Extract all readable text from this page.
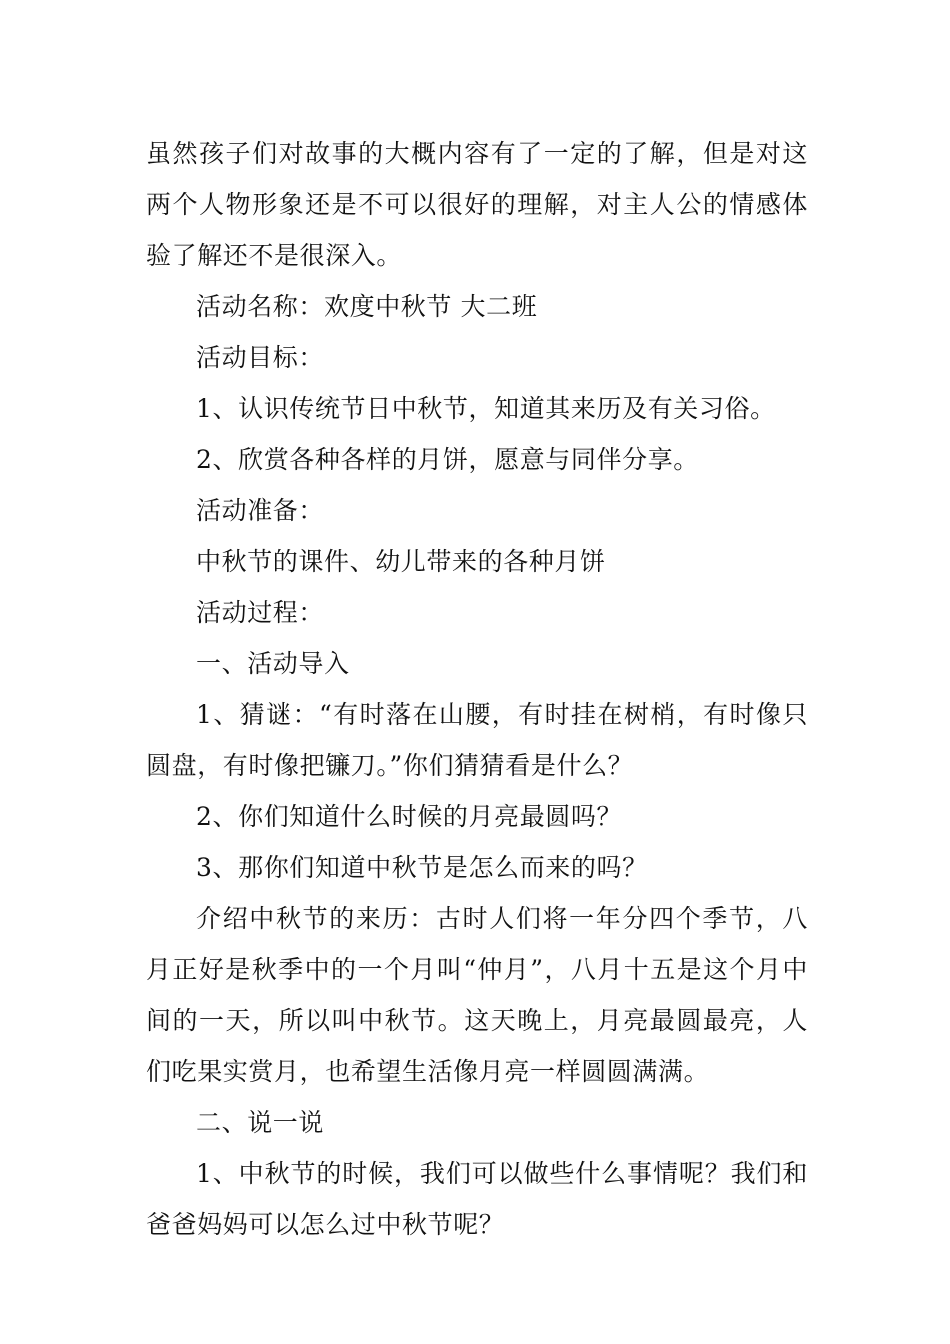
虽然孩子们对故事的大概内容有了一定的了解，但是对这两个人物形象还是不可以很好的理解，对主人公的情感体验了解还不是很深入。

活动名称：欢度中秋节 大二班

活动目标：

1、认识传统节日中秋节，知道其来历及有关习俗。

2、欣赏各种各样的月饼，愿意与同伴分享。

活动准备：

中秋节的课件、幼儿带来的各种月饼

活动过程：

一、活动导入

1、猜谜：“有时落在山腰，有时挂在树梢，有时像只圆盘，有时像把镰刀。”你们猜猜看是什么？

2、你们知道什么时候的月亮最圆吗？

3、那你们知道中秋节是怎么而来的吗？

介绍中秋节的来历：古时人们将一年分四个季节，八月正好是秋季中的一个月叫“仲月”，八月十五是这个月中间的一天，所以叫中秋节。这天晚上，月亮最圆最亮，人们吃果实赏月，也希望生活像月亮一样圆圆满满。

二、说一说

1、中秋节的时候，我们可以做些什么事情呢？我们和爸爸妈妈可以怎么过中秋节呢？
